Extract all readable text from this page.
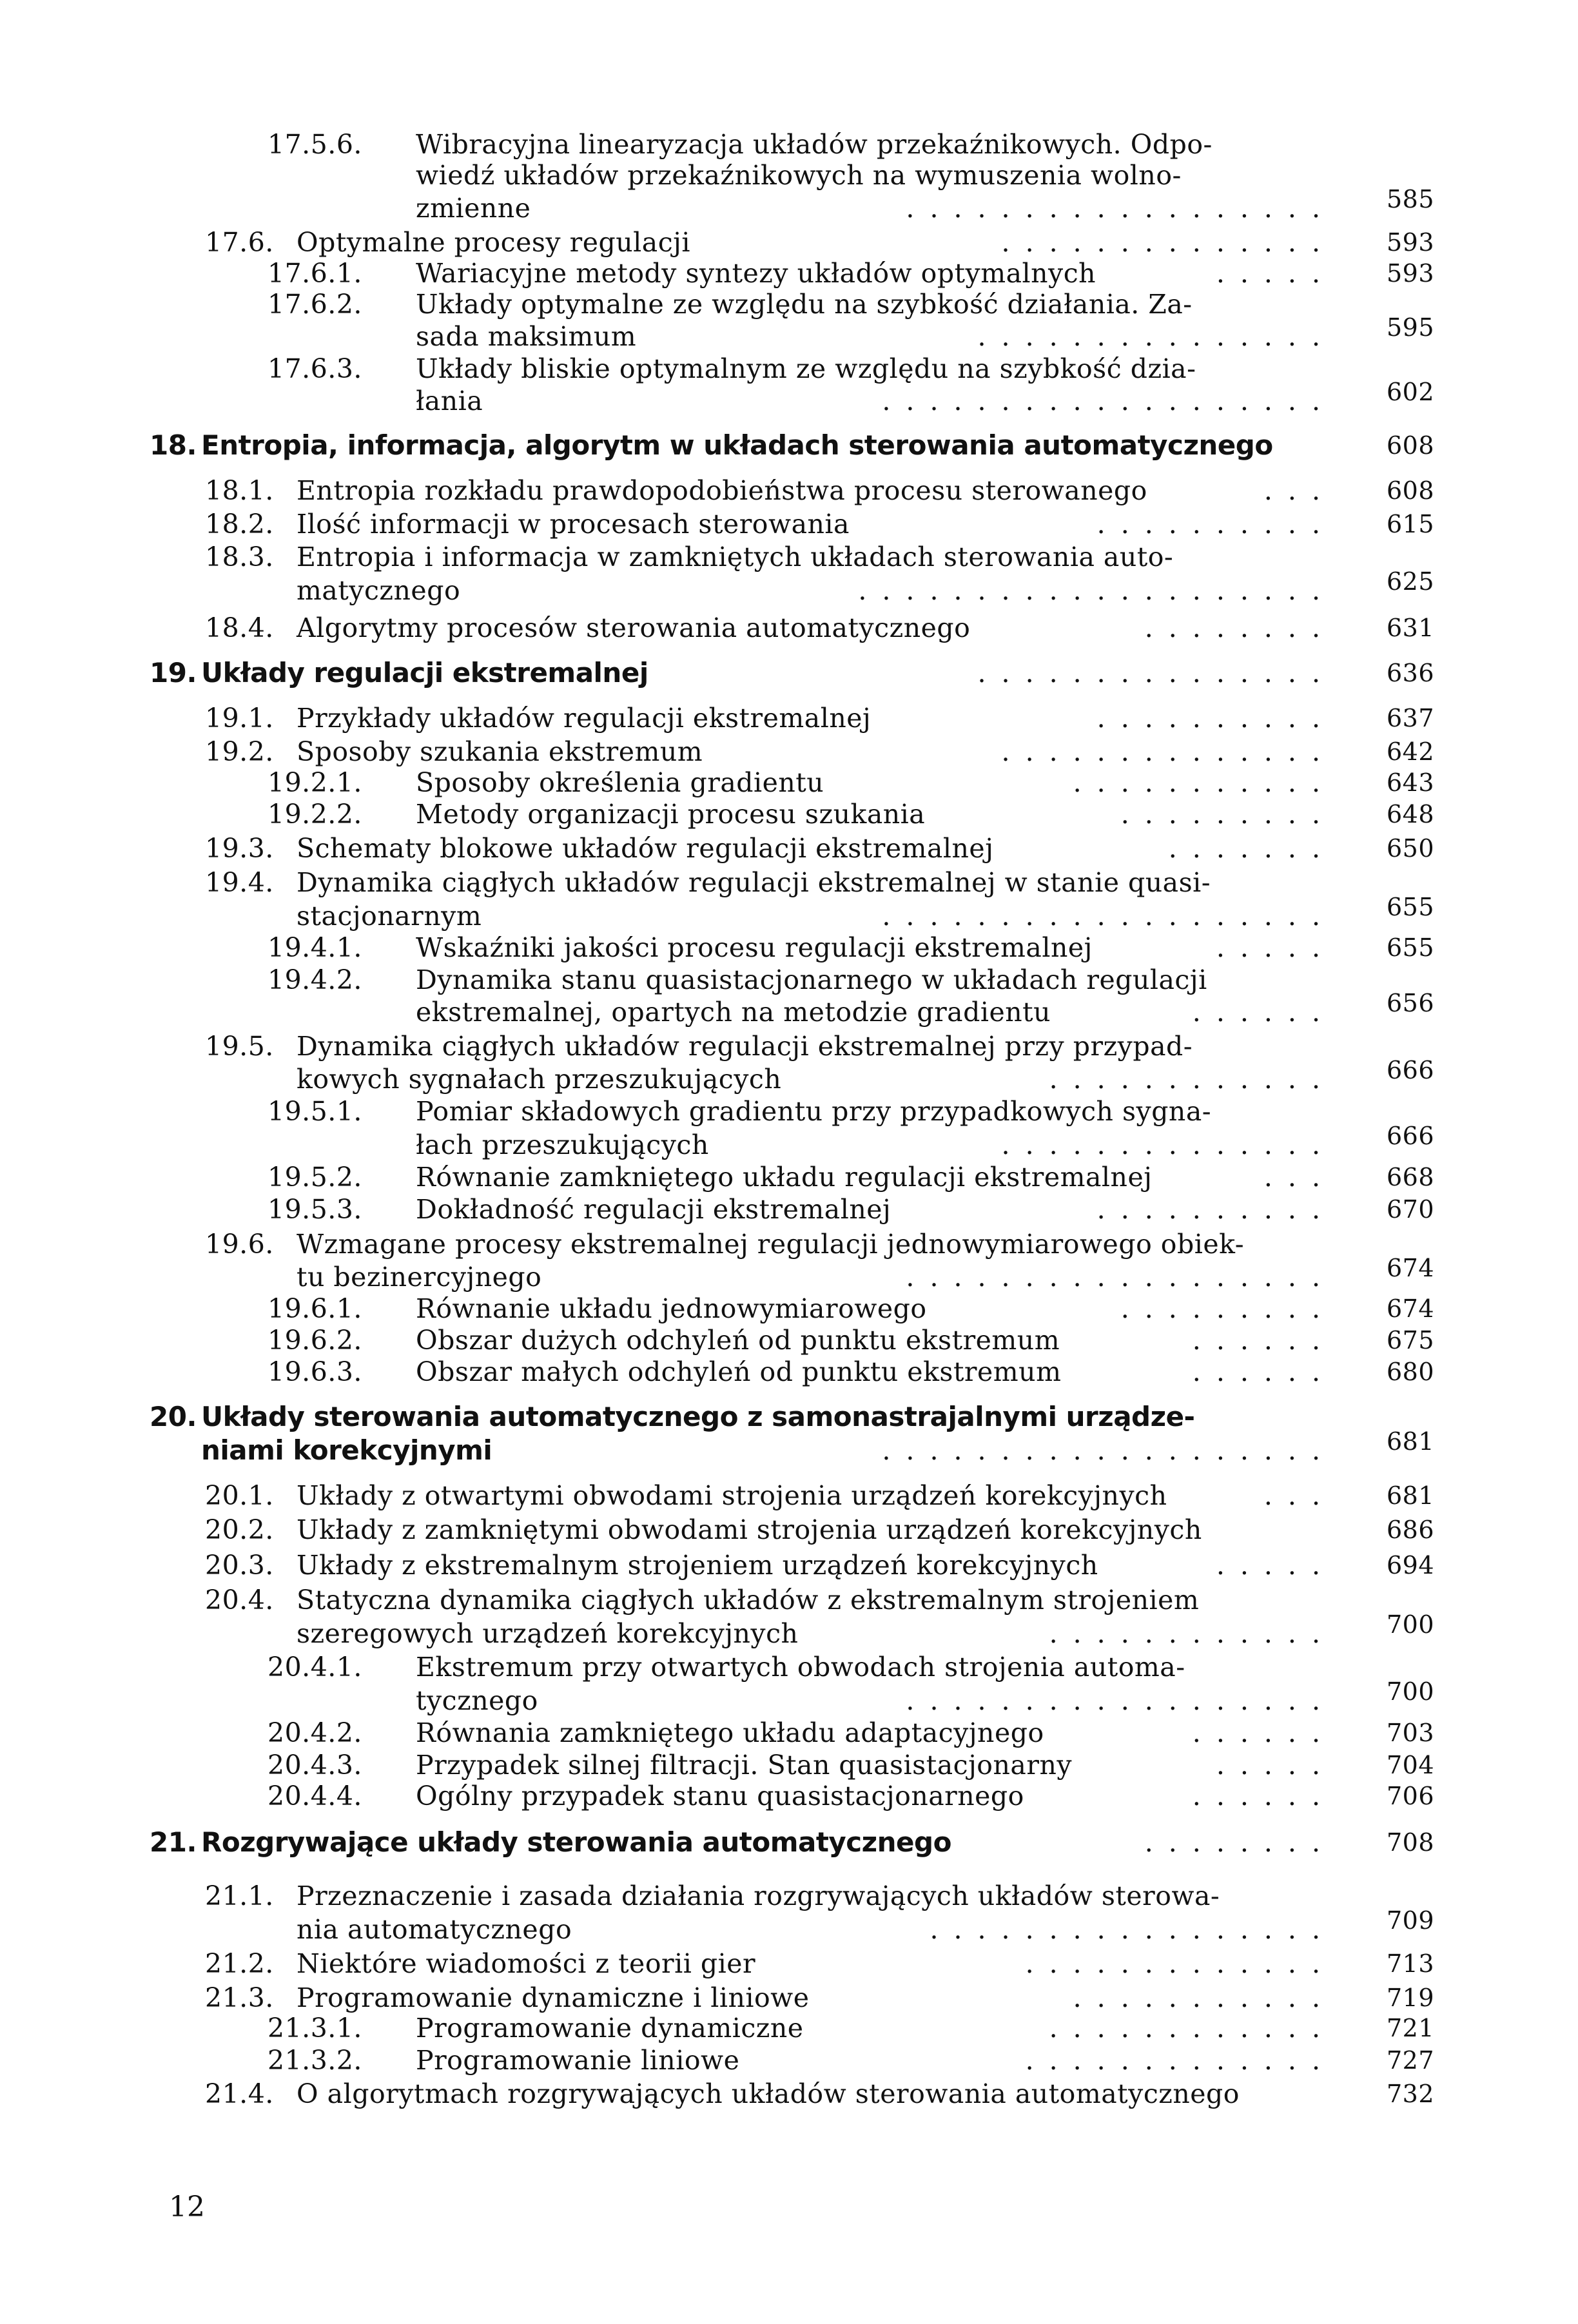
17.5.6. Wibracyjna linearyzacja układów przekaźnikowych. Odpo-
wiedź układów przekaźnikowych na wymuszenia wolno-
zmienne	..................	585
17.6. Optymalne procesy regulacji	..............	593
17.6.1. Wariacyjne metody syntezy układów optymalnych	.....	593
17.6.2. Układy optymalne ze względu na szybkość działania. Za-
sada maksimum	...............	595
17.6.3. Układy bliskie optymalnym ze względu na szybkość dzia-
łania	...................	602
18. Entropia, informacja, algorytm w układach sterowania automatycznego	608
18.1. Entropia rozkładu prawdopodobieństwa procesu sterowanego	...	608
18.2. Ilość informacji w procesach sterowania	..........	615
18.3. Entropia i informacja w zamkniętych układach sterowania auto-
matycznego	....................	625
18.4. Algorytmy procesów sterowania automatycznego	........	631
19. Układy regulacji ekstremalnej	...............	636
19.1. Przykłady układów regulacji ekstremalnej	..........	637
19.2. Sposoby szukania ekstremum	..............	642
19.2.1. Sposoby określenia gradientu	...........	643
19.2.2. Metody organizacji procesu szukania	.........	648
19.3. Schematy blokowe układów regulacji ekstremalnej	.......	650
19.4. Dynamika ciągłych układów regulacji ekstremalnej w stanie quasi-
stacjonarnym	...................	655
19.4.1. Wskaźniki jakości procesu regulacji ekstremalnej	.....	655
19.4.2. Dynamika stanu quasistacjonarnego w układach regulacji
ekstremalnej, opartych na metodzie gradientu	......	656
19.5. Dynamika ciągłych układów regulacji ekstremalnej przy przypad-
kowych sygnałach przeszukujących	............	666
19.5.1. Pomiar składowych gradientu przy przypadkowych sygna-
łach przeszukujących	..............	666
19.5.2. Równanie zamkniętego układu regulacji ekstremalnej	...	668
19.5.3. Dokładność regulacji ekstremalnej	..........	670
19.6. Wzmagane procesy ekstremalnej regulacji jednowymiarowego obiek-
tu bezinercyjnego	..................	674
19.6.1. Równanie układu jednowymiarowego	.........	674
19.6.2. Obszar dużych odchyleń od punktu ekstremum	......	675
19.6.3. Obszar małych odchyleń od punktu ekstremum	......	680
20. Układy sterowania automatycznego z samonastrajalnymi urządze-
niami korekcyjnymi	...................	681
20.1. Układy z otwartymi obwodami strojenia urządzeń korekcyjnych	...	681
20.2. Układy z zamkniętymi obwodami strojenia urządzeń korekcyjnych	686
20.3. Układy z ekstremalnym strojeniem urządzeń korekcyjnych	.....	694
20.4. Statyczna dynamika ciągłych układów z ekstremalnym strojeniem
szeregowych urządzeń korekcyjnych	............	700
20.4.1. Ekstremum przy otwartych obwodach strojenia automa-
tycznego	..................	700
20.4.2. Równania zamkniętego układu adaptacyjnego	......	703
20.4.3. Przypadek silnej filtracji. Stan quasistacjonarny	.....	704
20.4.4. Ogólny przypadek stanu quasistacjonarnego	......	706
21. Rozgrywające układy sterowania automatycznego	........	708
21.1. Przeznaczenie i zasada działania rozgrywających układów sterowa-
nia automatycznego	.................	709
21.2. Niektóre wiadomości z teorii gier	.............	713
21.3. Programowanie dynamiczne i liniowe	...........	719
21.3.1. Programowanie dynamiczne	............	721
21.3.2. Programowanie liniowe	.............	727
21.4. O algorytmach rozgrywających układów sterowania automatycznego	732
12
